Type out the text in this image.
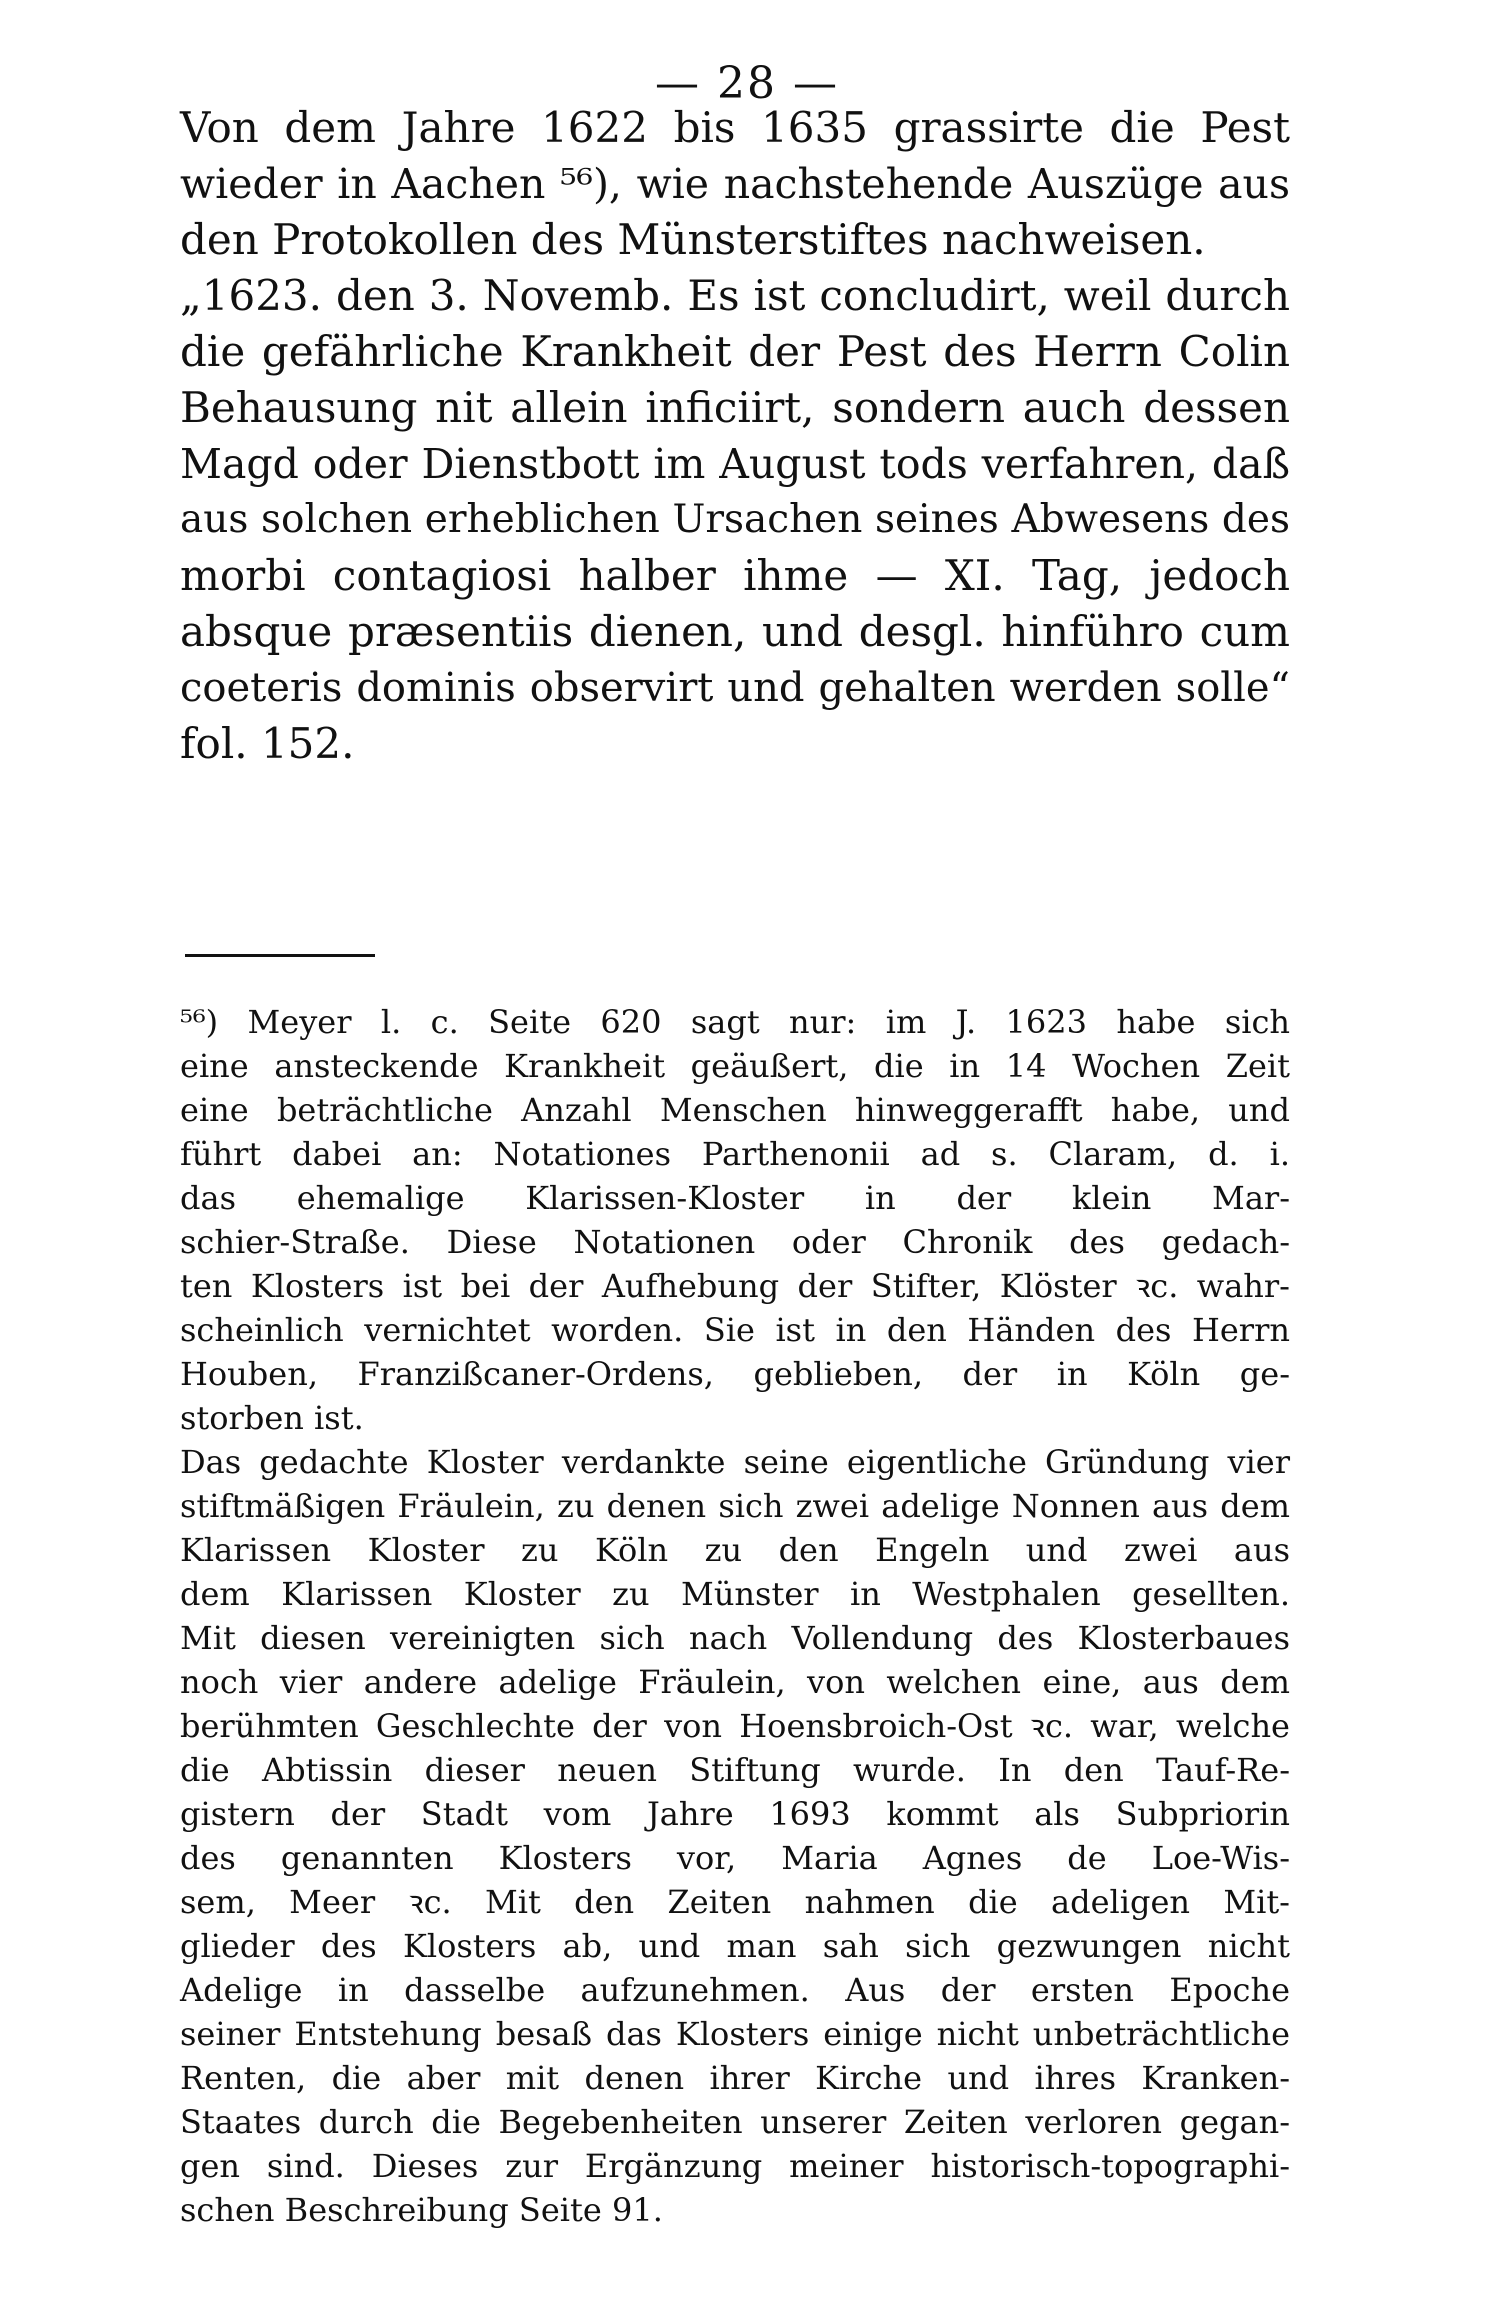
— 28 —
Von dem Jahre 1622 bis 1635 grassirte die Pest
wieder in Aachen ⁵⁶), wie nachstehende Auszüge aus
den Protokollen des Münsterstiftes nachweisen.
„1623. den 3. Novemb. Es ist concludirt, weil durch
die gefährliche Krankheit der Pest des Herrn Colin
Behausung nit allein inficiirt, sondern auch dessen
Magd oder Dienstbott im August tods verfahren, daß
aus solchen erheblichen Ursachen seines Abwesens des
morbi contagiosi halber ihme — XI. Tag, jedoch
absque præsentiis dienen, und desgl. hinführo cum
coeteris dominis observirt und gehalten werden solle“
fol. 152.
⁵⁶) Meyer l. c. Seite 620 sagt nur: im J. 1623 habe sich
eine ansteckende Krankheit geäußert, die in 14 Wochen Zeit
eine beträchtliche Anzahl Menschen hinweggerafft habe, und
führt dabei an: Notationes Parthenonii ad s. Claram, d. i.
das ehemalige Klarissen-Kloster in der klein Mar-
schier-Straße. Diese Notationen oder Chronik des gedach-
ten Klosters ist bei der Aufhebung der Stifter, Klöster ꝛc. wahr-
scheinlich vernichtet worden. Sie ist in den Händen des Herrn
Houben, Franzißcaner-Ordens, geblieben, der in Köln ge-
storben ist.
Das gedachte Kloster verdankte seine eigentliche Gründung vier
stiftmäßigen Fräulein, zu denen sich zwei adelige Nonnen aus dem
Klarissen Kloster zu Köln zu den Engeln und zwei aus
dem Klarissen Kloster zu Münster in Westphalen gesellten.
Mit diesen vereinigten sich nach Vollendung des Klosterbaues
noch vier andere adelige Fräulein, von welchen eine, aus dem
berühmten Geschlechte der von Hoensbroich-Ost ꝛc. war, welche
die Abtissin dieser neuen Stiftung wurde. In den Tauf-Re-
gistern der Stadt vom Jahre 1693 kommt als Subpriorin
des genannten Klosters vor, Maria Agnes de Loe-Wis-
sem, Meer ꝛc. Mit den Zeiten nahmen die adeligen Mit-
glieder des Klosters ab, und man sah sich gezwungen nicht
Adelige in dasselbe aufzunehmen. Aus der ersten Epoche
seiner Entstehung besaß das Klosters einige nicht unbeträchtliche
Renten, die aber mit denen ihrer Kirche und ihres Kranken-
Staates durch die Begebenheiten unserer Zeiten verloren gegan-
gen sind. Dieses zur Ergänzung meiner historisch-topographi-
schen Beschreibung Seite 91.
